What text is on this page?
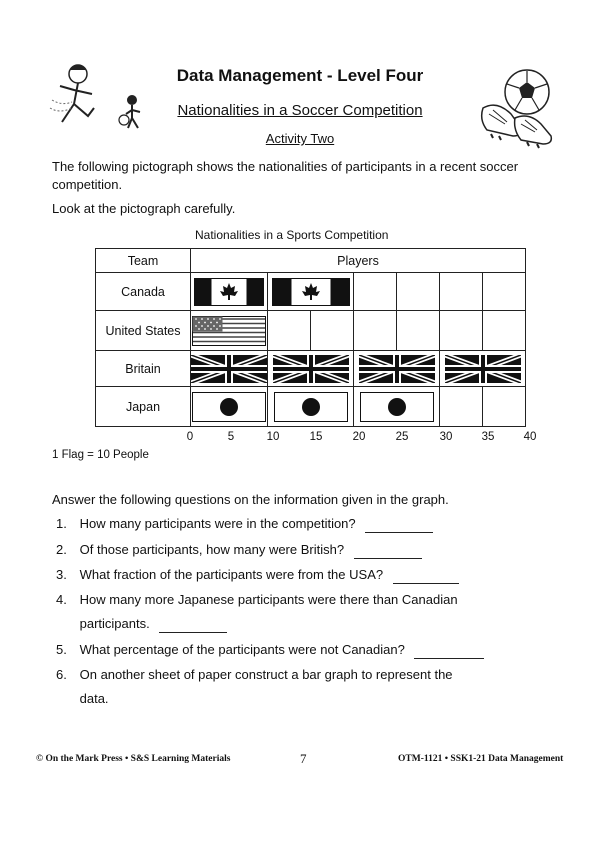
Data Management - Level Four
Nationalities in a Soccer Competition
Activity Two
The following pictograph shows the nationalities of participants in a recent soccer
competition.
Look at the pictograph carefully.
Nationalities in a Sports Competition
Team	Players						
Canada						
United States							
Britain				
Japan					
0	5	10	15	20	25	30	35	40
1 Flag = 10 People
Answer the following questions on the information given in the graph.
1. How many participants were in the competition?
2. Of those participants, how many were British?
3. What fraction of the participants were from the USA?
4. How many more Japanese participants were there than Canadian
participants.
5. What percentage of the participants were not Canadian?
6. On another sheet of paper construct a bar graph to represent the
data.
© On the Mark Press • S&S Learning Materials	7	OTM-1121 • SSK1-21 Data Management
